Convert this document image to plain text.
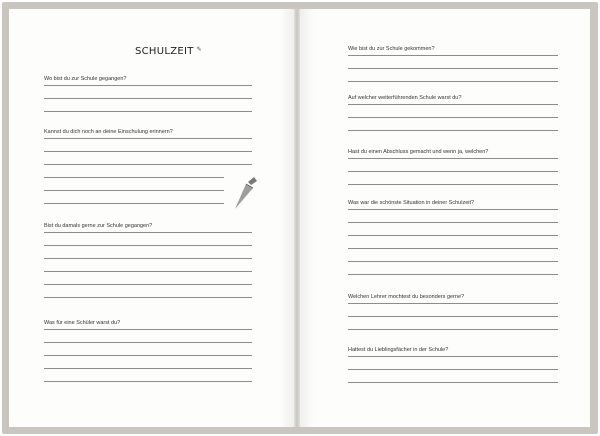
SCHULZEIT ✎
Wo bist du zur Schule gegangen?
Kannst du dich noch an deine Einschulung erinnern?
Bist du damals gerne zur Schule gegangen?
Was für eine Schüler warst du?
Wie bist du zur Schule gekommen?
Auf welcher weiterführenden Schule warst du?
Hast du einen Abschluss gemacht und wenn ja, welchen?
Was war die schönste Situation in deiner Schulzeit?
Welchen Lehrer mochtest du besonders gerne?
Hattest du Lieblingsfächer in der Schule?
